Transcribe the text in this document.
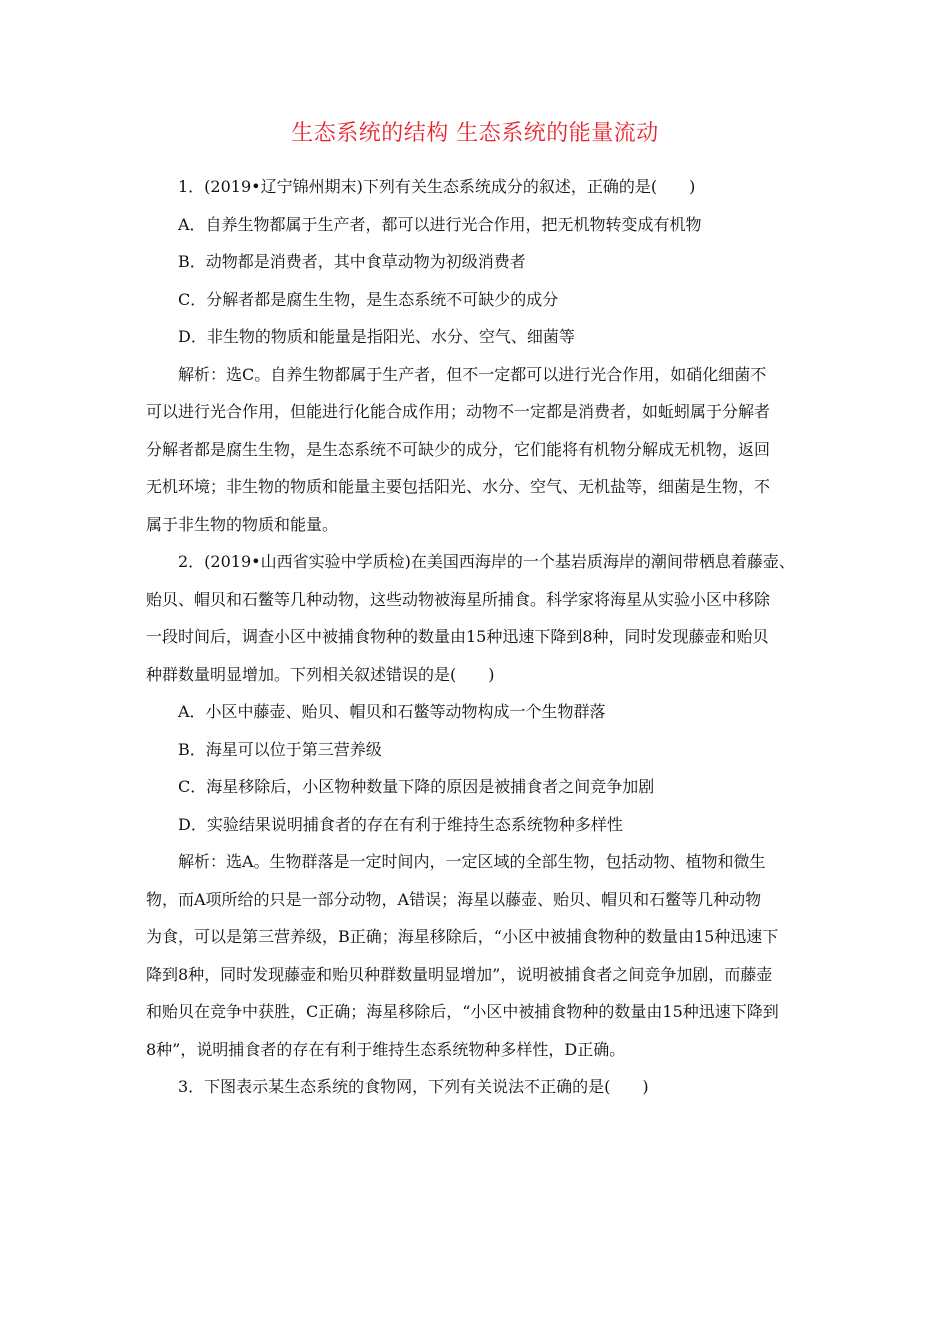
生态系统的结构 生态系统的能量流动
1．(2019•辽宁锦州期末)下列有关生态系统成分的叙述，正确的是(　　)
A．自养生物都属于生产者，都可以进行光合作用，把无机物转变成有机物
B．动物都是消费者，其中食草动物为初级消费者
C．分解者都是腐生生物，是生态系统不可缺少的成分
D．非生物的物质和能量是指阳光、水分、空气、细菌等
解析：选C。自养生物都属于生产者，但不一定都可以进行光合作用，如硝化细菌不
可以进行光合作用，但能进行化能合成作用；动物不一定都是消费者，如蚯蚓属于分解者
分解者都是腐生生物，是生态系统不可缺少的成分，它们能将有机物分解成无机物，返回
无机环境；非生物的物质和能量主要包括阳光、水分、空气、无机盐等，细菌是生物，不
属于非生物的物质和能量。
2．(2019•山西省实验中学质检)在美国西海岸的一个基岩质海岸的潮间带栖息着藤壶、
贻贝、帽贝和石鳖等几种动物，这些动物被海星所捕食。科学家将海星从实验小区中移除
一段时间后，调查小区中被捕食物种的数量由15种迅速下降到8种，同时发现藤壶和贻贝
种群数量明显增加。下列相关叙述错误的是(　　)
A．小区中藤壶、贻贝、帽贝和石鳖等动物构成一个生物群落
B．海星可以位于第三营养级
C．海星移除后，小区物种数量下降的原因是被捕食者之间竞争加剧
D．实验结果说明捕食者的存在有利于维持生态系统物种多样性
解析：选A。生物群落是一定时间内，一定区域的全部生物，包括动物、植物和微生
物，而A项所给的只是一部分动物，A错误；海星以藤壶、贻贝、帽贝和石鳖等几种动物
为食，可以是第三营养级，B正确；海星移除后，“小区中被捕食物种的数量由15种迅速下
降到8种，同时发现藤壶和贻贝种群数量明显增加”，说明被捕食者之间竞争加剧，而藤壶
和贻贝在竞争中获胜，C正确；海星移除后，“小区中被捕食物种的数量由15种迅速下降到
8种”，说明捕食者的存在有利于维持生态系统物种多样性，D正确。
3．下图表示某生态系统的食物网，下列有关说法不正确的是(　　)
